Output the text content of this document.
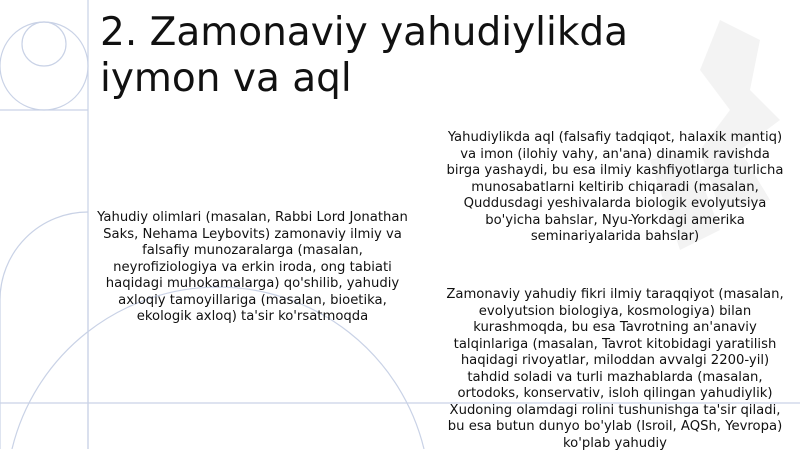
2. Zamonaviy yahudiylikda
iymon va aql

Yahudiy olimlari (masalan, Rabbi Lord Jonathan Saks, Nehama Leybovits) zamonaviy ilmiy va falsafiy munozaralarga (masalan, neyrofiziologiya va erkin iroda, ong tabiati haqidagi muhokamalarga) qo'shilib, yahudiy axloqiy tamoyillariga (masalan, bioetika, ekologik axloq) ta'sir ko'rsatmoqda

Yahudiylikda aql (falsafiy tadqiqot, halaxik mantiq) va imon (ilohiy vahy, an'ana) dinamik ravishda birga yashaydi, bu esa ilmiy kashfiyotlarga turlicha munosabatlarni keltirib chiqaradi (masalan, Quddusdagi yeshivalarda biologik evolyutsiya bo'yicha bahslar, Nyu-Yorkdagi amerika seminariyalarida bahslar)

Zamonaviy yahudiy fikri ilmiy taraqqiyot (masalan, evolyutsion biologiya, kosmologiya) bilan kurashmoqda, bu esa Tavrotning an'anaviy talqinlariga (masalan, Tavrot kitobidagi yaratilish haqidagi rivoyatlar, miloddan avvalgi 2200-yil) tahdid soladi va turli mazhablarda (masalan, ortodoks, konservativ, isloh qilingan yahudiylik) Xudoning olamdagi rolini tushunishga ta'sir qiladi, bu esa butun dunyo bo'ylab (Isroil, AQSh, Yevropa) ko'plab yahudiy
